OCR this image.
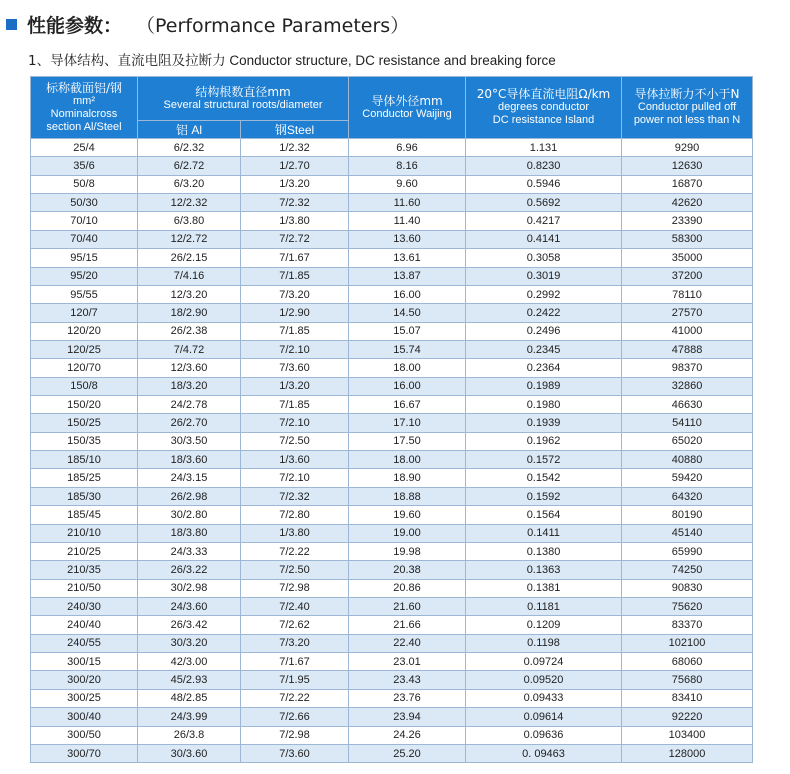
性能参数： （Performance Parameters）
1、导体结构、直流电阻及拉断力 Conductor structure, DC resistance and breaking force
标称截面铝/钢
mm²
Nominalcross
section Al/Steel	结构根数直径mm
Several structural roots/diameter		导体外径mm
Conductor Waijing	20°C导体直流电阻Ω/km
degrees conductor
DC resistance Island	导体拉断力不小于N
Conductor pulled off
power not less than N

	铝 Al	钢Steel			
25/4	6/2.32	1/2.32	6.96	1.131	9290
35/6	6/2.72	1/2.70	8.16	0.8230	12630
50/8	6/3.20	1/3.20	9.60	0.5946	16870
50/30	12/2.32	7/2.32	11.60	0.5692	42620
70/10	6/3.80	1/3.80	11.40	0.4217	23390
70/40	12/2.72	7/2.72	13.60	0.4141	58300
95/15	26/2.15	7/1.67	13.61	0.3058	35000
95/20	7/4.16	7/1.85	13.87	0.3019	37200
95/55	12/3.20	7/3.20	16.00	0.2992	78110
120/7	18/2.90	1/2.90	14.50	0.2422	27570
120/20	26/2.38	7/1.85	15.07	0.2496	41000
120/25	7/4.72	7/2.10	15.74	0.2345	47888
120/70	12/3.60	7/3.60	18.00	0.2364	98370
150/8	18/3.20	1/3.20	16.00	0.1989	32860
150/20	24/2.78	7/1.85	16.67	0.1980	46630
150/25	26/2.70	7/2.10	17.10	0.1939	54110
150/35	30/3.50	7/2.50	17.50	0.1962	65020
185/10	18/3.60	1/3.60	18.00	0.1572	40880
185/25	24/3.15	7/2.10	18.90	0.1542	59420
185/30	26/2.98	7/2.32	18.88	0.1592	64320
185/45	30/2.80	7/2.80	19.60	0.1564	80190
210/10	18/3.80	1/3.80	19.00	0.1411	45140
210/25	24/3.33	7/2.22	19.98	0.1380	65990
210/35	26/3.22	7/2.50	20.38	0.1363	74250
210/50	30/2.98	7/2.98	20.86	0.1381	90830
240/30	24/3.60	7/2.40	21.60	0.1181	75620
240/40	26/3.42	7/2.62	21.66	0.1209	83370
240/55	30/3.20	7/3.20	22.40	0.1198	102100
300/15	42/3.00	7/1.67	23.01	0.09724	68060
300/20	45/2.93	7/1.95	23.43	0.09520	75680
300/25	48/2.85	7/2.22	23.76	0.09433	83410
300/40	24/3.99	7/2.66	23.94	0.09614	92220
300/50	26/3.8	7/2.98	24.26	0.09636	103400
300/70	30/3.60	7/3.60	25.20	0. 09463	128000
